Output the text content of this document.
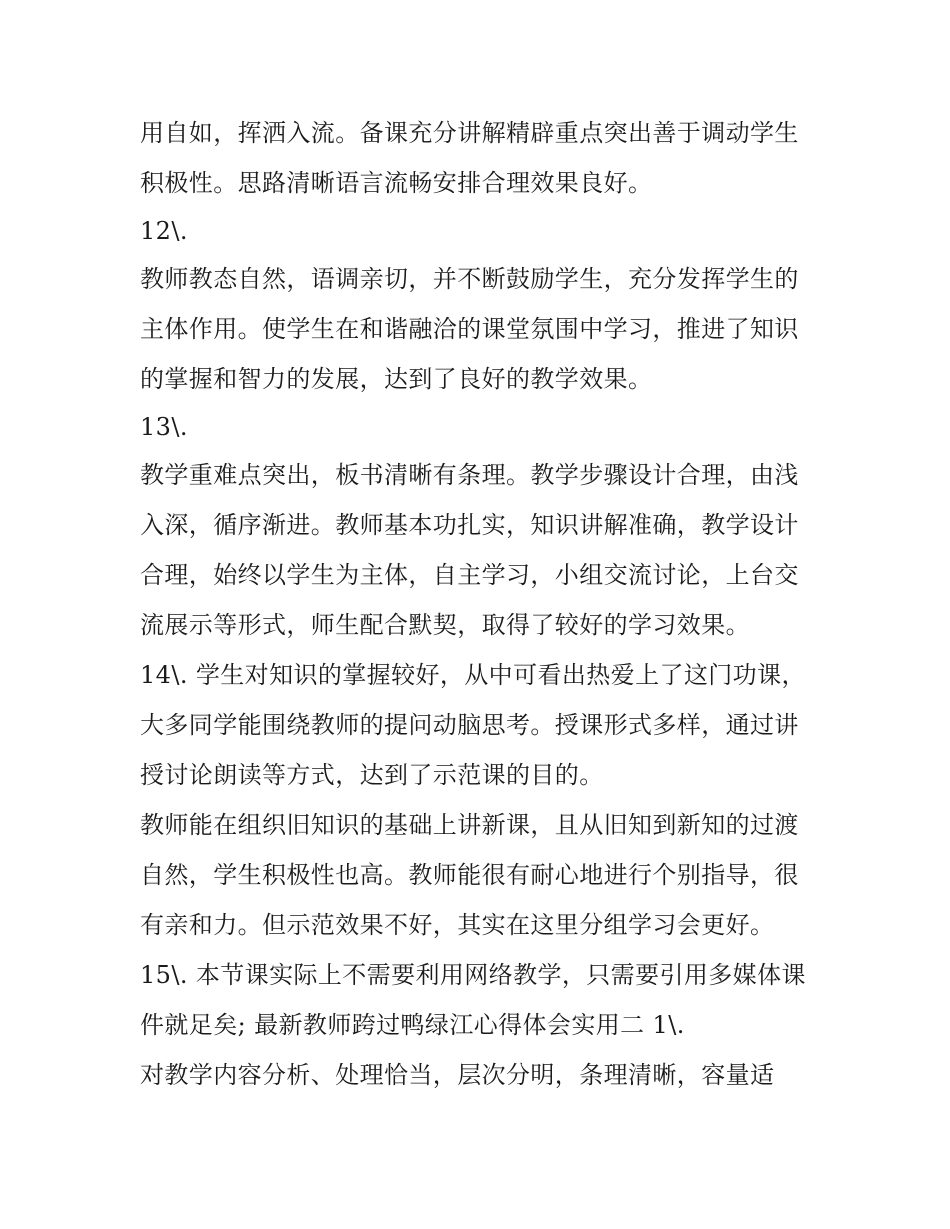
用自如，挥洒入流。备课充分讲解精辟重点突出善于调动学生
积极性。思路清晰语言流畅安排合理效果良好。
12\.
教师教态自然，语调亲切，并不断鼓励学生，充分发挥学生的
主体作用。使学生在和谐融洽的课堂氛围中学习，推进了知识
的掌握和智力的发展，达到了良好的教学效果。
13\.
教学重难点突出，板书清晰有条理。教学步骤设计合理，由浅
入深，循序渐进。教师基本功扎实，知识讲解准确，教学设计
合理，始终以学生为主体，自主学习，小组交流讨论，上台交
流展示等形式，师生配合默契，取得了较好的学习效果。
14\. 学生对知识的掌握较好，从中可看出热爱上了这门功课，
大多同学能围绕教师的提问动脑思考。授课形式多样，通过讲
授讨论朗读等方式，达到了示范课的目的。
教师能在组织旧知识的基础上讲新课，且从旧知到新知的过渡
自然，学生积极性也高。教师能很有耐心地进行个别指导，很
有亲和力。但示范效果不好，其实在这里分组学习会更好。
15\. 本节课实际上不需要利用网络教学，只需要引用多媒体课
件就足矣; 最新教师跨过鸭绿江心得体会实用二 1\.
对教学内容分析、处理恰当，层次分明，条理清晰，容量适
